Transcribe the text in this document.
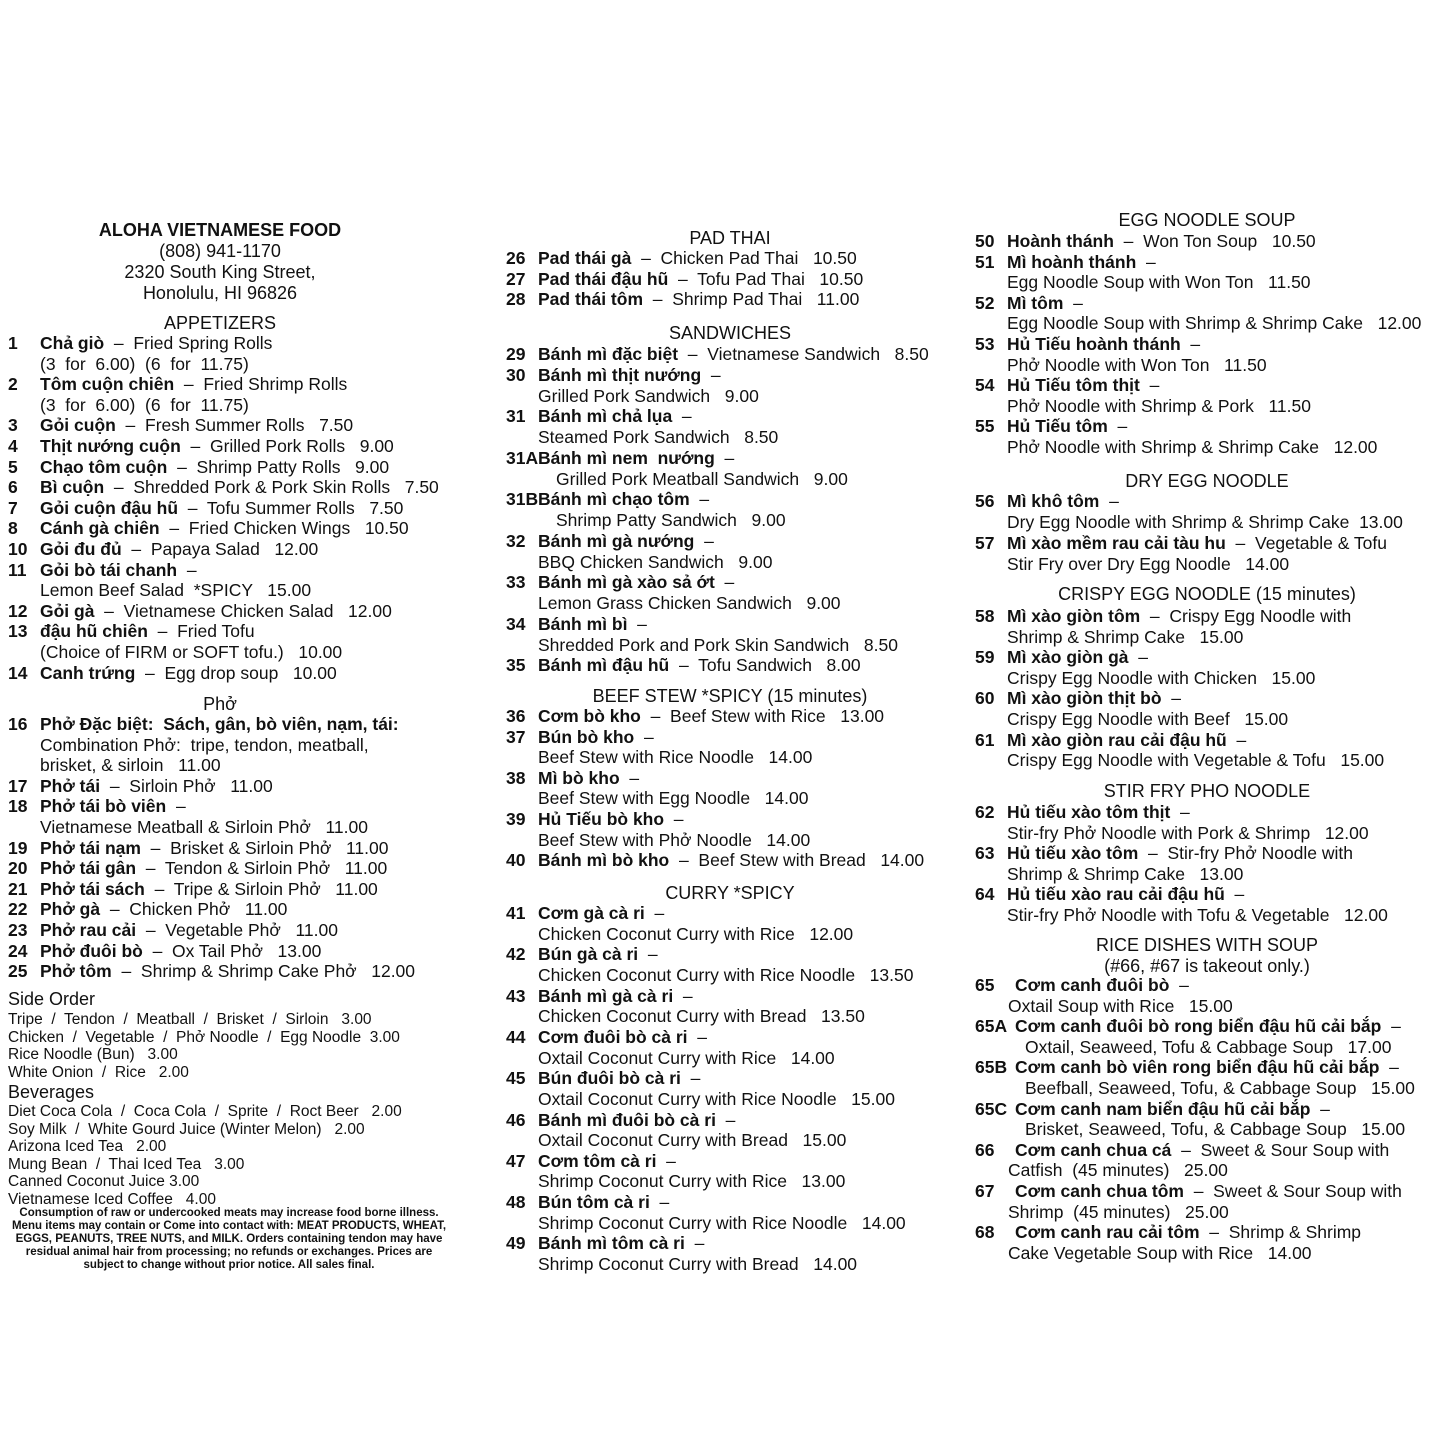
ALOHA VIETNAMESE FOOD
(808) 941-1170
2320 South King Street,
Honolulu, HI 96826
APPETIZERS
1 Chả giò  –  Fried Spring Rolls
(3  for  6.00)  (6  for  11.75)
2 Tôm cuộn chiên  –  Fried Shrimp Rolls
(3  for  6.00)  (6  for  11.75)
3 Gỏi cuộn  –  Fresh Summer Rolls   7.50
4 Thịt nướng cuộn  –  Grilled Pork Rolls   9.00
5 Chạo tôm cuộn  –  Shrimp Patty Rolls   9.00
6 Bì cuộn  –  Shredded Pork & Pork Skin Rolls   7.50
7 Gỏi cuộn đậu hũ  –  Tofu Summer Rolls   7.50
8 Cánh gà chiên  –  Fried Chicken Wings   10.50
10 Gỏi đu đủ  –  Papaya Salad   12.00
11 Gỏi bò tái chanh  –
Lemon Beef Salad  *SPICY   15.00
12 Gỏi gà  –  Vietnamese Chicken Salad   12.00
13 đậu hũ chiên  –  Fried Tofu
(Choice of FIRM or SOFT tofu.)   10.00
14 Canh trứng  –  Egg drop soup   10.00
Phở
16 Phở Đặc biệt:  Sách, gân, bò viên, nạm, tái:
Combination Phở:  tripe, tendon, meatball,
brisket, & sirloin   11.00
17 Phở tái  –  Sirloin Phở   11.00
18 Phở tái bò viên  –
Vietnamese Meatball & Sirloin Phở   11.00
19 Phở tái nạm  –  Brisket & Sirloin Phở   11.00
20 Phở tái gân  –  Tendon & Sirloin Phở   11.00
21 Phở tái sách  –  Tripe & Sirloin Phở   11.00
22 Phở gà  –  Chicken Phở   11.00
23 Phở rau cải  –  Vegetable Phở   11.00
24 Phở đuôi bò  –  Ox Tail Phở   13.00
25 Phở tôm  –  Shrimp & Shrimp Cake Phở   12.00
Side Order
Tripe  /  Tendon  /  Meatball  /  Brisket  /  Sirloin   3.00
Chicken  /  Vegetable  /  Phở Noodle  /  Egg Noodle  3.00
Rice Noodle (Bun)   3.00
White Onion  /  Rice   2.00
Beverages
Diet Coca Cola  /  Coca Cola  /  Sprite  /  Roct Beer   2.00
Soy Milk  /  White Gourd Juice (Winter Melon)   2.00
Arizona Iced Tea   2.00
Mung Bean  /  Thai Iced Tea   3.00
Canned Coconut Juice 3.00
Vietnamese Iced Coffee   4.00
Consumption of raw or undercooked meats may increase food borne illness. Menu items may contain or Come into contact with: MEAT PRODUCTS, WHEAT, EGGS, PEANUTS, TREE NUTS, and MILK. Orders containing tendon may have residual animal hair from processing; no refunds or exchanges. Prices are subject to change without prior notice. All sales final.
PAD THAI
26 Pad thái gà  –  Chicken Pad Thai   10.50
27 Pad thái đậu hũ  –  Tofu Pad Thai   10.50
28 Pad thái tôm  –  Shrimp Pad Thai   11.00
SANDWICHES
29 Bánh mì đặc biệt  –  Vietnamese Sandwich   8.50
30 Bánh mì thịt nướng  –
Grilled Pork Sandwich   9.00
31 Bánh mì chả lụa  –
Steamed Pork Sandwich   8.50
31ABánh mì nem  nướng  –
Grilled Pork Meatball Sandwich   9.00
31BBánh mì chạo tôm  –
Shrimp Patty Sandwich   9.00
32 Bánh mì gà nướng  –
BBQ Chicken Sandwich   9.00
33 Bánh mì gà xào sả ớt  –
Lemon Grass Chicken Sandwich   9.00
34 Bánh mì bì  –
Shredded Pork and Pork Skin Sandwich   8.50
35 Bánh mì đậu hũ  –  Tofu Sandwich   8.00
BEEF STEW *SPICY (15 minutes)
36 Cơm bò kho  –  Beef Stew with Rice   13.00
37 Bún bò kho  –
Beef Stew with Rice Noodle   14.00
38 Mì bò kho  –
Beef Stew with Egg Noodle   14.00
39 Hủ Tiếu bò kho  –
Beef Stew with Phở Noodle   14.00
40 Bánh mì bò kho  –  Beef Stew with Bread   14.00
CURRY *SPICY
41 Cơm gà cà ri  –
Chicken Coconut Curry with Rice   12.00
42 Bún gà cà ri  –
Chicken Coconut Curry with Rice Noodle   13.50
43 Bánh mì gà cà ri  –
Chicken Coconut Curry with Bread   13.50
44 Cơm đuôi bò cà ri  –
Oxtail Coconut Curry with Rice   14.00
45 Bún đuôi bò cà ri  –
Oxtail Coconut Curry with Rice Noodle   15.00
46 Bánh mì đuôi bò cà ri  –
Oxtail Coconut Curry with Bread   15.00
47 Cơm tôm cà ri  –
Shrimp Coconut Curry with Rice   13.00
48 Bún tôm cà ri  –
Shrimp Coconut Curry with Rice Noodle   14.00
49 Bánh mì tôm cà ri  –
Shrimp Coconut Curry with Bread   14.00
EGG NOODLE SOUP
50 Hoành thánh  –  Won Ton Soup   10.50
51 Mì hoành thánh  –
Egg Noodle Soup with Won Ton   11.50
52 Mì tôm  –
Egg Noodle Soup with Shrimp & Shrimp Cake   12.00
53 Hủ Tiếu hoành thánh  –
Phở Noodle with Won Ton   11.50
54 Hủ Tiếu tôm thịt  –
Phở Noodle with Shrimp & Pork   11.50
55 Hủ Tiếu tôm  –
Phở Noodle with Shrimp & Shrimp Cake   12.00
DRY EGG NOODLE
56 Mì khô tôm  –
Dry Egg Noodle with Shrimp & Shrimp Cake  13.00
57 Mì xào mềm rau cải tàu hu  –  Vegetable & Tofu
Stir Fry over Dry Egg Noodle   14.00
CRISPY EGG NOODLE (15 minutes)
58 Mì xào giòn tôm  –  Crispy Egg Noodle with
Shrimp & Shrimp Cake   15.00
59 Mì xào giòn gà  –
Crispy Egg Noodle with Chicken   15.00
60 Mì xào giòn thịt bò  –
Crispy Egg Noodle with Beef   15.00
61 Mì xào giòn rau cải đậu hũ  –
Crispy Egg Noodle with Vegetable & Tofu   15.00
STIR FRY PHO NOODLE
62 Hủ tiếu xào tôm thịt  –
Stir-fry Phở Noodle with Pork & Shrimp   12.00
63 Hủ tiếu xào tôm  –  Stir-fry Phở Noodle with
Shrimp & Shrimp Cake   13.00
64 Hủ tiếu xào rau cải đậu hũ  –
Stir-fry Phở Noodle with Tofu & Vegetable   12.00
RICE DISHES WITH SOUP
(#66, #67 is takeout only.)
65 Cơm canh đuôi bò  –
Oxtail Soup with Rice   15.00
65A Cơm canh đuôi bò rong biển đậu hũ cải bắp  –
Oxtail, Seaweed, Tofu & Cabbage Soup   17.00
65B Cơm canh bò viên rong biển đậu hũ cải bắp  –
Beefball, Seaweed, Tofu, & Cabbage Soup   15.00
65C Cơm canh nam biển đậu hũ cải bắp  –
Brisket, Seaweed, Tofu, & Cabbage Soup   15.00
66 Cơm canh chua cá  –  Sweet & Sour Soup with
Catfish  (45 minutes)   25.00
67 Cơm canh chua tôm  –  Sweet & Sour Soup with
Shrimp  (45 minutes)   25.00
68 Cơm canh rau cải tôm  –  Shrimp & Shrimp
Cake Vegetable Soup with Rice   14.00
